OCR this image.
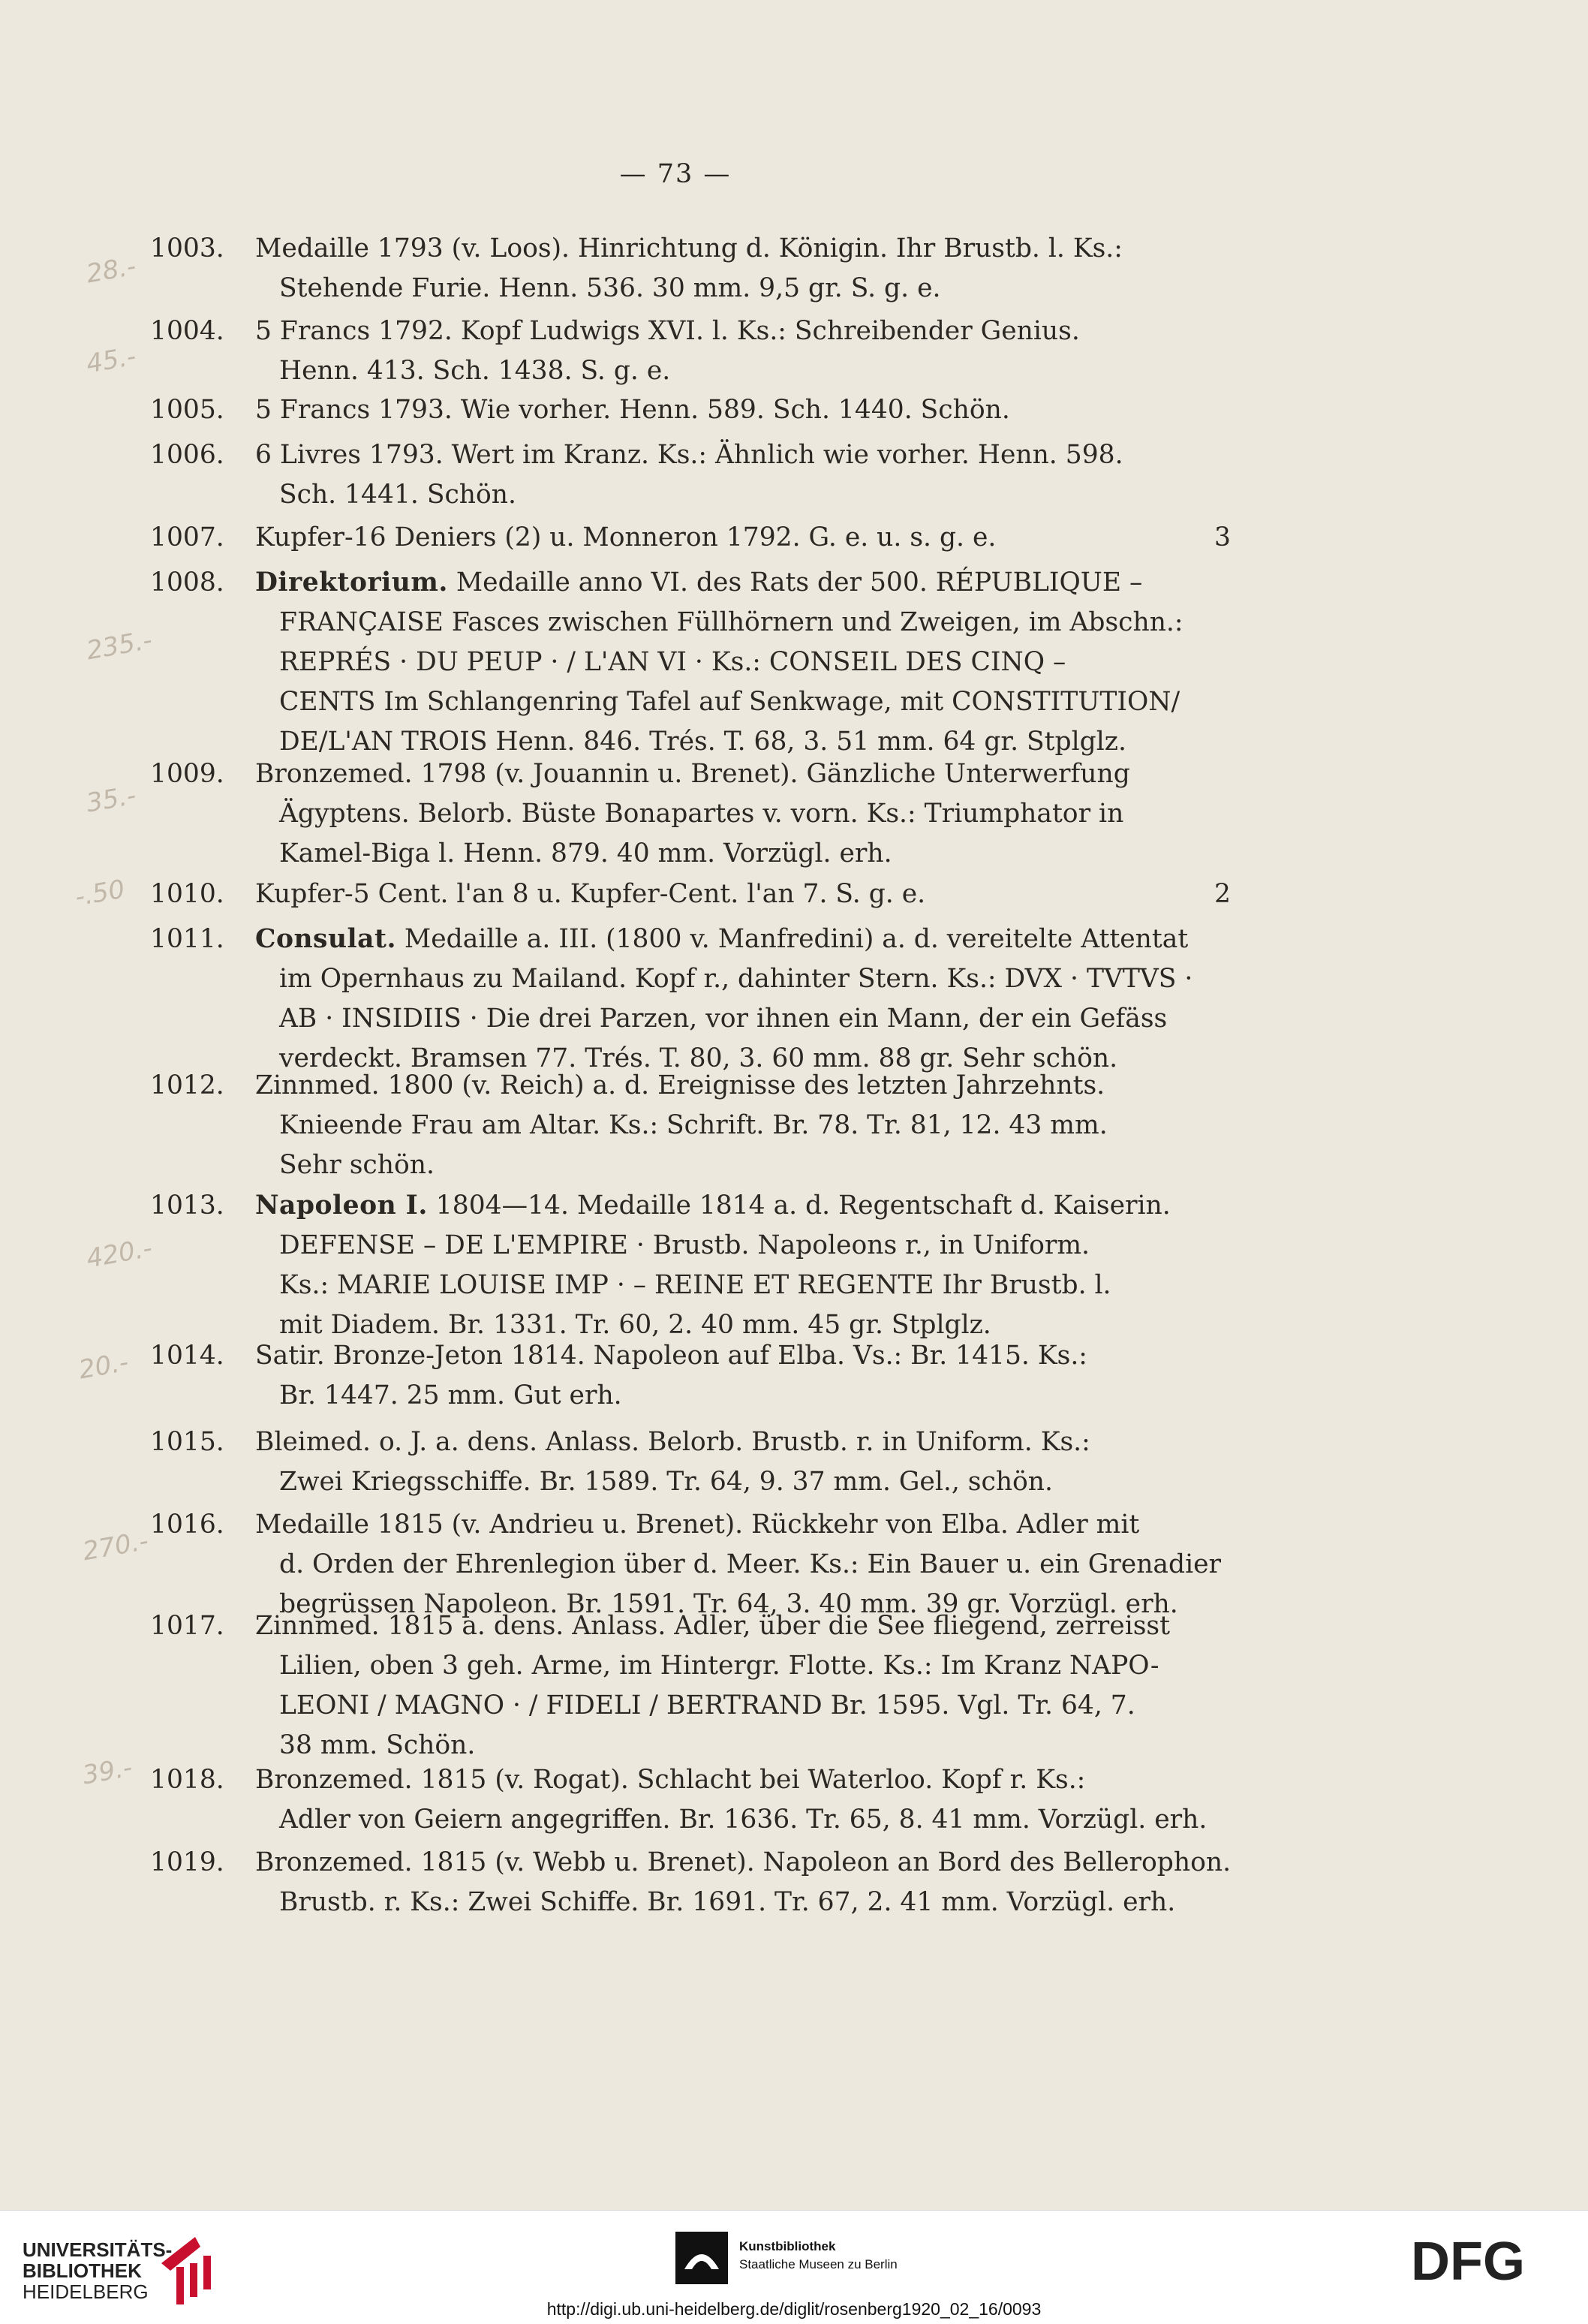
— 73 —
1003. Medaille 1793 (v. Loos). Hinrichtung d. Königin. Ihr Brustb. l. Ks.:
Stehende Furie. Henn. 536. 30 mm. 9,5 gr. S. g. e.
1004. 5 Francs 1792. Kopf Ludwigs XVI. l. Ks.: Schreibender Genius.
Henn. 413. Sch. 1438. S. g. e.
1005. 5 Francs 1793. Wie vorher. Henn. 589. Sch. 1440. Schön.
1006. 6 Livres 1793. Wert im Kranz. Ks.: Ähnlich wie vorher. Henn. 598.
Sch. 1441. Schön.
1007. Kupfer-16 Deniers (2) u. Monneron 1792. G. e. u. s. g. e.	3
1008. Direktorium. Medaille anno VI. des Rats der 500. RÉPUBLIQUE –
FRANÇAISE Fasces zwischen Füllhörnern und Zweigen, im Abschn.:
REPRÉS · DU PEUP · / L'AN VI · Ks.: CONSEIL DES CINQ –
CENTS Im Schlangenring Tafel auf Senkwage, mit CONSTITUTION/
DE/L'AN TROIS Henn. 846. Trés. T. 68, 3. 51 mm. 64 gr. Stplglz.
1009. Bronzemed. 1798 (v. Jouannin u. Brenet). Gänzliche Unterwerfung
Ägyptens. Belorb. Büste Bonapartes v. vorn. Ks.: Triumphator in
Kamel-Biga l. Henn. 879. 40 mm. Vorzügl. erh.
1010. Kupfer-5 Cent. l'an 8 u. Kupfer-Cent. l'an 7. S. g. e.	2
1011. Consulat. Medaille a. III. (1800 v. Manfredini) a. d. vereitelte Attentat
im Opernhaus zu Mailand. Kopf r., dahinter Stern. Ks.: DVX · TVTVS ·
AB · INSIDIIS · Die drei Parzen, vor ihnen ein Mann, der ein Gefäss
verdeckt. Bramsen 77. Trés. T. 80, 3. 60 mm. 88 gr. Sehr schön.
1012. Zinnmed. 1800 (v. Reich) a. d. Ereignisse des letzten Jahrzehnts.
Knieende Frau am Altar. Ks.: Schrift. Br. 78. Tr. 81, 12. 43 mm.
Sehr schön.
1013. Napoleon I. 1804—14. Medaille 1814 a. d. Regentschaft d. Kaiserin.
DEFENSE – DE L'EMPIRE · Brustb. Napoleons r., in Uniform.
Ks.: MARIE LOUISE IMP · – REINE ET REGENTE Ihr Brustb. l.
mit Diadem. Br. 1331. Tr. 60, 2. 40 mm. 45 gr. Stplglz.
1014. Satir. Bronze-Jeton 1814. Napoleon auf Elba. Vs.: Br. 1415. Ks.:
Br. 1447. 25 mm. Gut erh.
1015. Bleimed. o. J. a. dens. Anlass. Belorb. Brustb. r. in Uniform. Ks.:
Zwei Kriegsschiffe. Br. 1589. Tr. 64, 9. 37 mm. Gel., schön.
1016. Medaille 1815 (v. Andrieu u. Brenet). Rückkehr von Elba. Adler mit
d. Orden der Ehrenlegion über d. Meer. Ks.: Ein Bauer u. ein Grenadier
begrüssen Napoleon. Br. 1591. Tr. 64, 3. 40 mm. 39 gr. Vorzügl. erh.
1017. Zinnmed. 1815 a. dens. Anlass. Adler, über die See fliegend, zerreisst
Lilien, oben 3 geh. Arme, im Hintergr. Flotte. Ks.: Im Kranz NAPO-
LEONI / MAGNO · / FIDELI / BERTRAND Br. 1595. Vgl. Tr. 64, 7.
38 mm. Schön.
1018. Bronzemed. 1815 (v. Rogat). Schlacht bei Waterloo. Kopf r. Ks.:
Adler von Geiern angegriffen. Br. 1636. Tr. 65, 8. 41 mm. Vorzügl. erh.
1019. Bronzemed. 1815 (v. Webb u. Brenet). Napoleon an Bord des Bellerophon.
Brustb. r. Ks.: Zwei Schiffe. Br. 1691. Tr. 67, 2. 41 mm. Vorzügl. erh.
28.-
45.-
235.-
35.-
-.50
420.-
20.-
270.-
39.-
UNIVERSITÄTS-
BIBLIOTHEK
HEIDELBERG
Kunstbibliothek
Staatliche Museen zu Berlin	DFG
http://digi.ub.uni-heidelberg.de/diglit/rosenberg1920_02_16/0093
